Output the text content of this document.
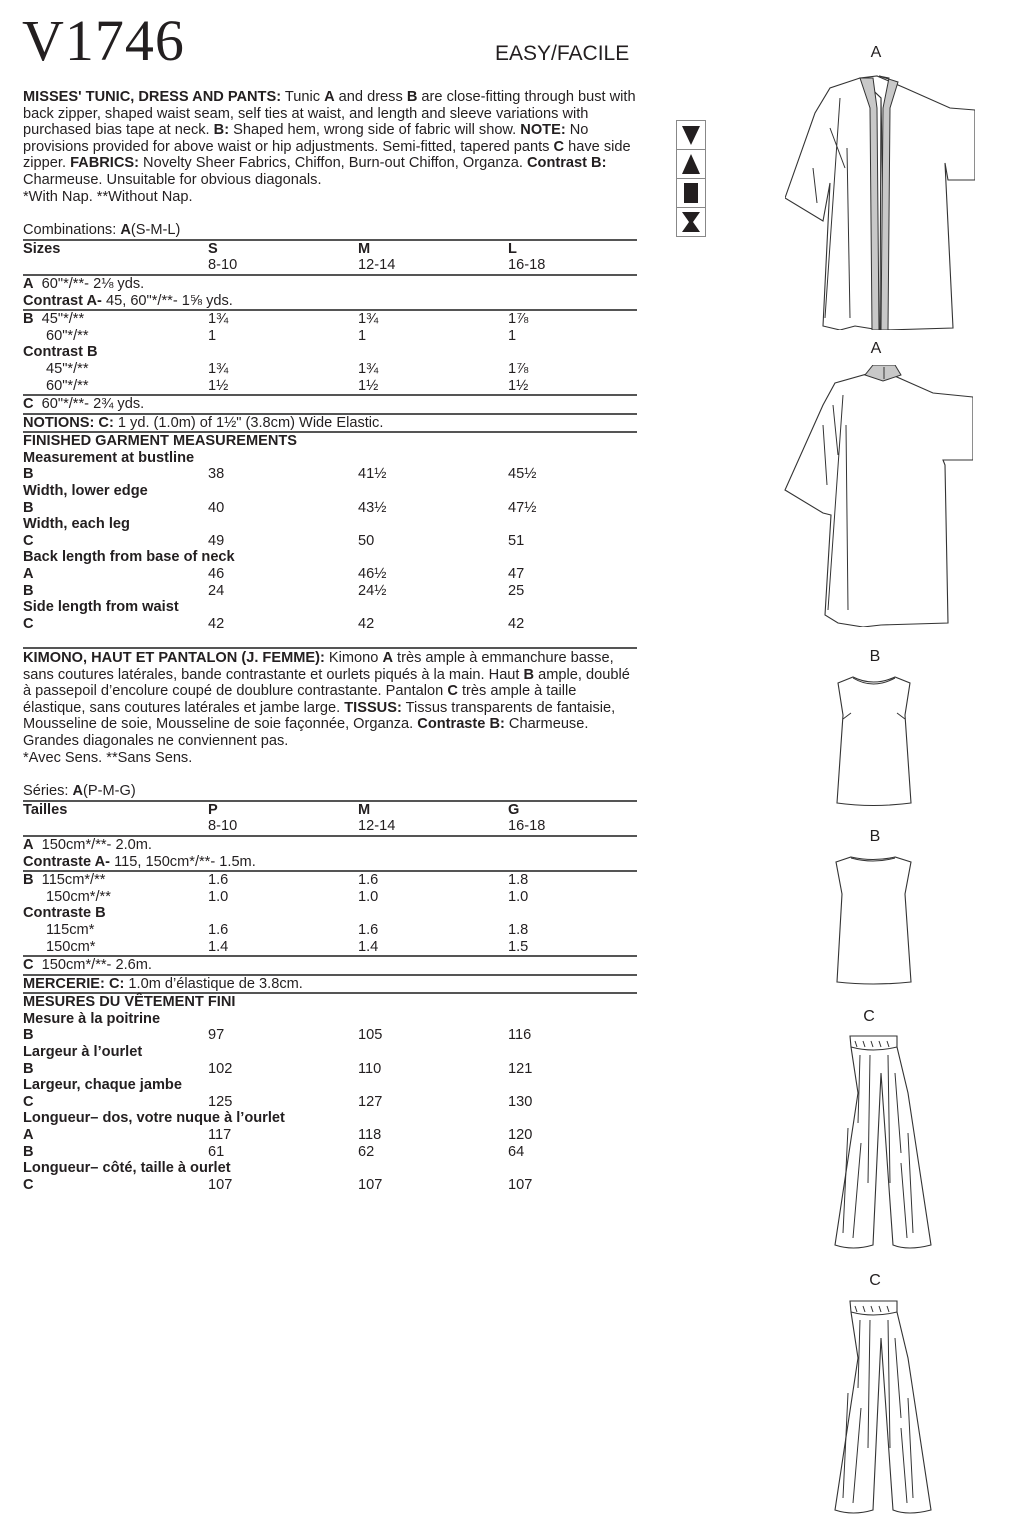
V1746	EASY/FACILE

MISSES' TUNIC, DRESS AND PANTS: Tunic A and dress B are close-fitting through bust with back zipper, shaped waist seam, self ties at waist, and length and sleeve variations with purchased bias tape at neck. B: Shaped hem, wrong side of fabric will show. NOTE: No provisions provided for above waist or hip adjustments. Semi-fitted, tapered pants C have side zipper. FABRICS: Novelty Sheer Fabrics, Chiffon, Burn-out Chiffon, Organza. Contrast B: Charmeuse. Unsuitable for obvious diagonals.

*With Nap. **Without Nap.

Combinations: A(S-M-L)
Sizes	S	M	L
8-10	12-14	16-18
A  60"*/**- 2⅛ yds.
Contrast A- 45, 60"*/**- 1⅝ yds.
B  45"*/**	1¾	1¾	1⅞
60"*/**	1	1	1
Contrast B
45"*/**	1¾	1¾	1⅞
60"*/**	1½	1½	1½
C  60"*/**- 2¾ yds.
NOTIONS: C: 1 yd. (1.0m) of 1½" (3.8cm) Wide Elastic.
FINISHED GARMENT MEASUREMENTS
Measurement at bustline
B	38	41½	45½
Width, lower edge
B	40	43½	47½
Width, each leg
C	49	50	51
Back length from base of neck
A	46	46½	47
B	24	24½	25
Side length from waist
C	42	42	42

KIMONO, HAUT ET PANTALON (J. FEMME): Kimono A très ample à emmanchure basse, sans coutures latérales, bande contrastante et ourlets piqués à la main. Haut B ample, doublé à passepoil d’encolure coupé de doublure contrastante. Pantalon C très ample à taille élastique, sans coutures latérales et jambe large. TISSUS: Tissus transparents de fantaisie, Mousseline de soie, Mousseline de soie façonnée, Organza. Contraste B: Charmeuse. Grandes diagonales ne conviennent pas.

*Avec Sens. **Sans Sens.

Séries: A(P-M-G)
Tailles	P	M	G
8-10	12-14	16-18
A  150cm*/**- 2.0m.
Contraste A- 115, 150cm*/**- 1.5m.
B  115cm*/**	1.6	1.6	1.8
150cm*/**	1.0	1.0	1.0
Contraste B
115cm*	1.6	1.6	1.8
150cm*	1.4	1.4	1.5
C  150cm*/**- 2.6m.
MERCERIE: C: 1.0m d’élastique de 3.8cm.
MESURES DU VÊTEMENT FINI
Mesure à la poitrine
B	97	105	116
Largeur à l’ourlet
B	102	110	121
Largeur, chaque jambe
C	125	127	130
Longueur– dos, votre nuque à l’ourlet
A	117	118	120
B	61	62	64
Longueur– côté, taille à ourlet
C	107	107	107
A
A
B
B
C
C
